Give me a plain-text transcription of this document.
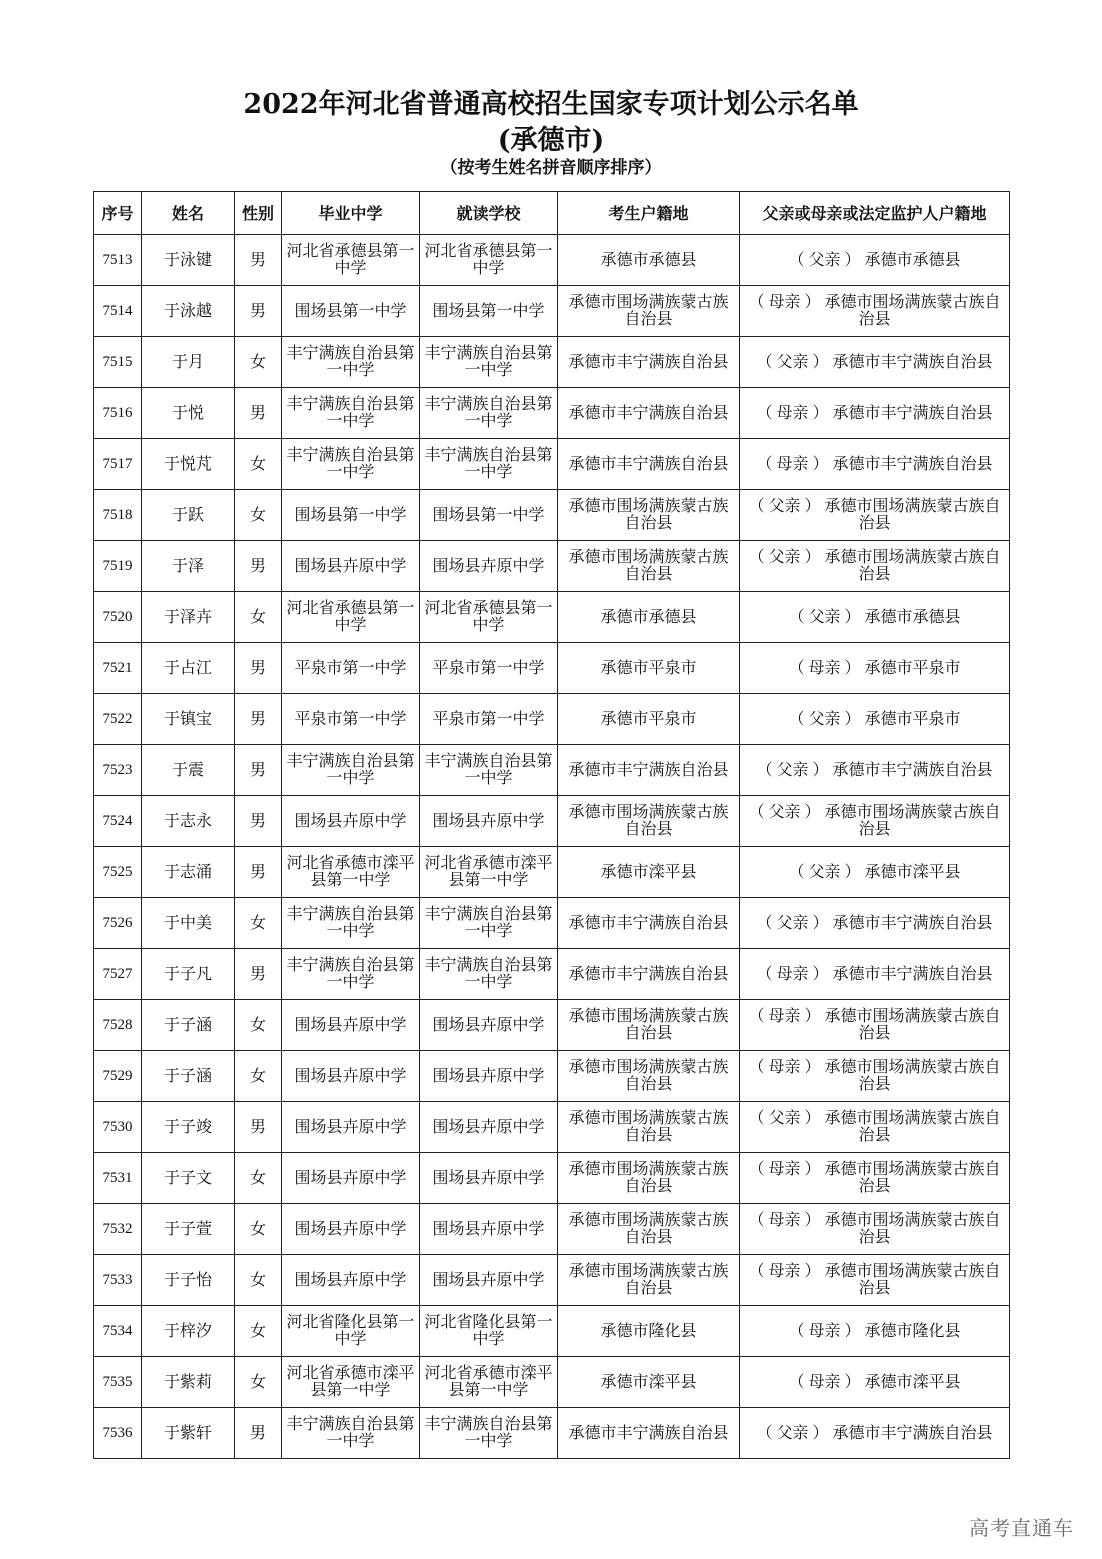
2022年河北省普通高校招生国家专项计划公示名单
(承德市)
（按考生姓名拼音顺序排序）
序号	姓名	性别	毕业中学	就读学校	考生户籍地	父亲或母亲或法定监护人户籍地
7513	于泳键	男	河北省承德县第一中学	河北省承德县第一中学	承德市承德县	（ 父亲 ） 承德市承德县
7514	于泳越	男	围场县第一中学	围场县第一中学	承德市围场满族蒙古族自治县	（ 母亲 ） 承德市围场满族蒙古族自治县
7515	于月	女	丰宁满族自治县第一中学	丰宁满族自治县第一中学	承德市丰宁满族自治县	（ 父亲 ） 承德市丰宁满族自治县
7516	于悦	男	丰宁满族自治县第一中学	丰宁满族自治县第一中学	承德市丰宁满族自治县	（ 母亲 ） 承德市丰宁满族自治县
7517	于悦芃	女	丰宁满族自治县第一中学	丰宁满族自治县第一中学	承德市丰宁满族自治县	（ 母亲 ） 承德市丰宁满族自治县
7518	于跃	女	围场县第一中学	围场县第一中学	承德市围场满族蒙古族自治县	（ 父亲 ） 承德市围场满族蒙古族自治县
7519	于泽	男	围场县卉原中学	围场县卉原中学	承德市围场满族蒙古族自治县	（ 父亲 ） 承德市围场满族蒙古族自治县
7520	于泽卉	女	河北省承德县第一中学	河北省承德县第一中学	承德市承德县	（ 父亲 ） 承德市承德县
7521	于占江	男	平泉市第一中学	平泉市第一中学	承德市平泉市	（ 母亲 ） 承德市平泉市
7522	于镇宝	男	平泉市第一中学	平泉市第一中学	承德市平泉市	（ 父亲 ） 承德市平泉市
7523	于震	男	丰宁满族自治县第一中学	丰宁满族自治县第一中学	承德市丰宁满族自治县	（ 父亲 ） 承德市丰宁满族自治县
7524	于志永	男	围场县卉原中学	围场县卉原中学	承德市围场满族蒙古族自治县	（ 父亲 ） 承德市围场满族蒙古族自治县
7525	于志涌	男	河北省承德市滦平县第一中学	河北省承德市滦平县第一中学	承德市滦平县	（ 父亲 ） 承德市滦平县
7526	于中美	女	丰宁满族自治县第一中学	丰宁满族自治县第一中学	承德市丰宁满族自治县	（ 父亲 ） 承德市丰宁满族自治县
7527	于子凡	男	丰宁满族自治县第一中学	丰宁满族自治县第一中学	承德市丰宁满族自治县	（ 母亲 ） 承德市丰宁满族自治县
7528	于子涵	女	围场县卉原中学	围场县卉原中学	承德市围场满族蒙古族自治县	（ 母亲 ） 承德市围场满族蒙古族自治县
7529	于子涵	女	围场县卉原中学	围场县卉原中学	承德市围场满族蒙古族自治县	（ 母亲 ） 承德市围场满族蒙古族自治县
7530	于子竣	男	围场县卉原中学	围场县卉原中学	承德市围场满族蒙古族自治县	（ 父亲 ） 承德市围场满族蒙古族自治县
7531	于子文	女	围场县卉原中学	围场县卉原中学	承德市围场满族蒙古族自治县	（ 母亲 ） 承德市围场满族蒙古族自治县
7532	于子萱	女	围场县卉原中学	围场县卉原中学	承德市围场满族蒙古族自治县	（ 母亲 ） 承德市围场满族蒙古族自治县
7533	于子怡	女	围场县卉原中学	围场县卉原中学	承德市围场满族蒙古族自治县	（ 母亲 ） 承德市围场满族蒙古族自治县
7534	于梓汐	女	河北省隆化县第一中学	河北省隆化县第一中学	承德市隆化县	（ 母亲 ） 承德市隆化县
7535	于紫莉	女	河北省承德市滦平县第一中学	河北省承德市滦平县第一中学	承德市滦平县	（ 母亲 ） 承德市滦平县
7536	于紫轩	男	丰宁满族自治县第一中学	丰宁满族自治县第一中学	承德市丰宁满族自治县	（ 父亲 ） 承德市丰宁满族自治县
高考直通车
